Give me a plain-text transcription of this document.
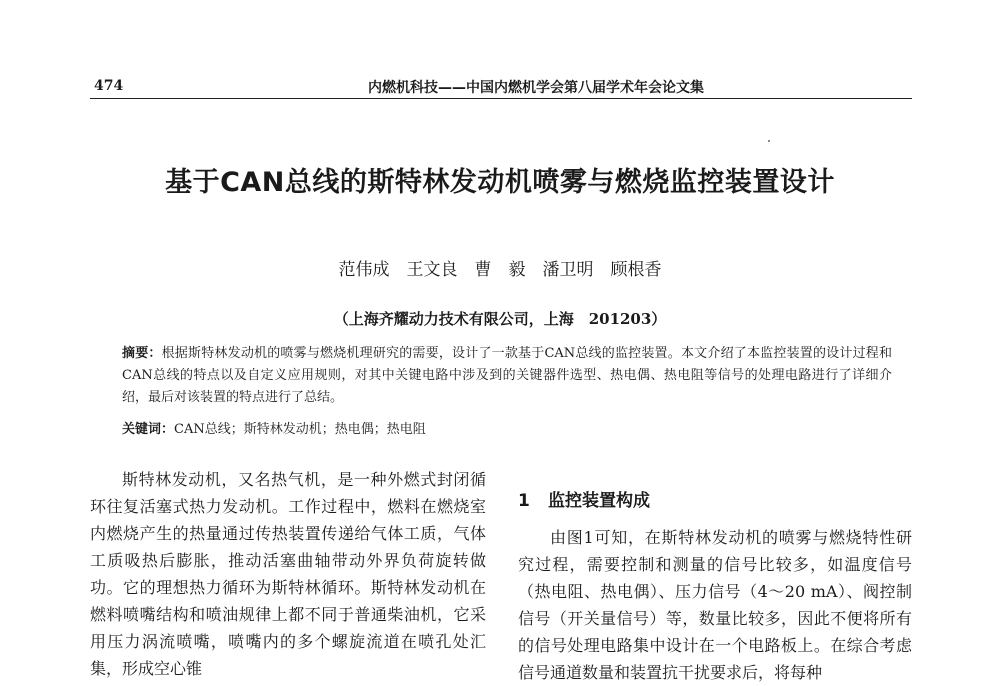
474	内燃机科技——中国内燃机学会第八届学术年会论文集
基于CAN总线的斯特林发动机喷雾与燃烧监控装置设计
范伟成　王文良　曹　毅　潘卫明　顾根香
（上海齐耀动力技术有限公司，上海　201203）
摘要：根据斯特林发动机的喷雾与燃烧机理研究的需要，设计了一款基于CAN总线的监控装置。本文介绍了本监控装置的设计过程和CAN总线的特点以及自定义应用规则，对其中关键电路中涉及到的关键器件选型、热电偶、热电阻等信号的处理电路进行了详细介绍，最后对该装置的特点进行了总结。
关键词：CAN总线；斯特林发动机；热电偶；热电阻
斯特林发动机，又名热气机，是一种外燃式封闭循环往复活塞式热力发动机。工作过程中，燃料在燃烧室内燃烧产生的热量通过传热装置传递给气体工质，气体工质吸热后膨胀，推动活塞曲轴带动外界负荷旋转做功。它的理想热力循环为斯特林循环。斯特林发动机在燃料喷嘴结构和喷油规律上都不同于普通柴油机，它采用压力涡流喷嘴，喷嘴内的多个螺旋流道在喷孔处汇集，形成空心锥
1 监控装置构成
由图1可知，在斯特林发动机的喷雾与燃烧特性研究过程，需要控制和测量的信号比较多，如温度信号（热电阻、热电偶）、压力信号（4～20 mA）、阀控制信号（开关量信号）等，数量比较多，因此不便将所有的信号处理电路集中设计在一个电路板上。在综合考虑信号通道数量和装置抗干扰要求后，将每种
